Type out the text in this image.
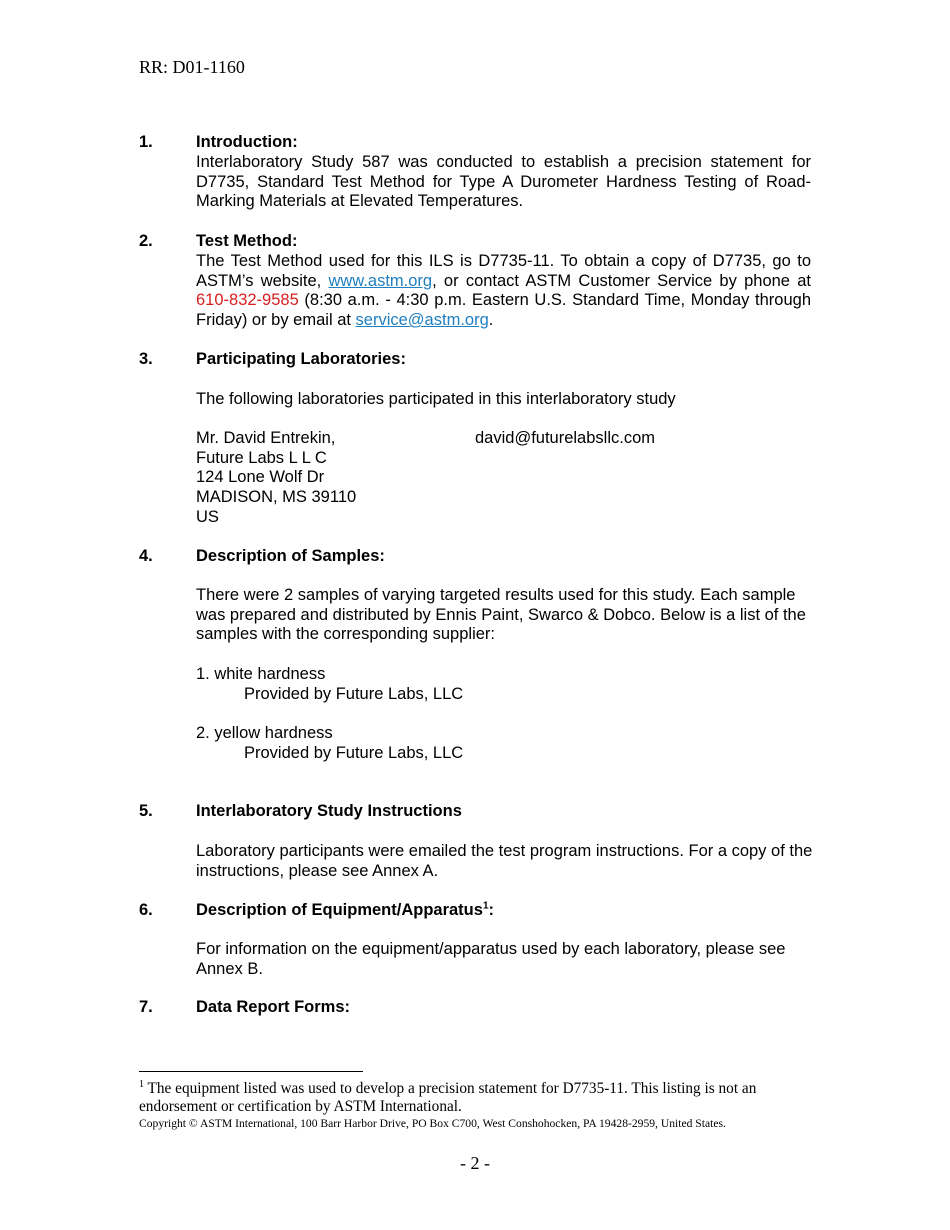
RR: D01-1160
1.	Introduction:
Interlaboratory Study 587 was conducted to establish a precision statement for D7735, Standard Test Method for Type A Durometer Hardness Testing of Road-Marking Materials at Elevated Temperatures.
2.	Test Method:
The Test Method used for this ILS is D7735-11. To obtain a copy of D7735, go to ASTM’s website, www.astm.org, or contact ASTM Customer Service by phone at 610-832-9585 (8:30 a.m. - 4:30 p.m. Eastern U.S. Standard Time, Monday through Friday) or by email at service@astm.org.
3.	Participating Laboratories:
The following laboratories participated in this interlaboratory study
Mr. David Entrekin,	david@futurelabsllc.com
Future Labs L L C
124 Lone Wolf Dr
MADISON, MS 39110
US
4.	Description of Samples:
There were 2 samples of varying targeted results used for this study. Each sample was prepared and distributed by Ennis Paint, Swarco & Dobco. Below is a list of the samples with the corresponding supplier:
1. white hardness
Provided by Future Labs, LLC
2. yellow hardness
Provided by Future Labs, LLC
5.	Interlaboratory Study Instructions
Laboratory participants were emailed the test program instructions. For a copy of the instructions, please see Annex A.
6.	Description of Equipment/Apparatus$^1$:
For information on the equipment/apparatus used by each laboratory, please see Annex B.
7.	Data Report Forms:
$^1$ The equipment listed was used to develop a precision statement for D7735-11. This listing is not an endorsement or certification by ASTM International.
Copyright © ASTM International, 100 Barr Harbor Drive, PO Box C700, West Conshohocken, PA 19428-2959, United States.
- 2 -
